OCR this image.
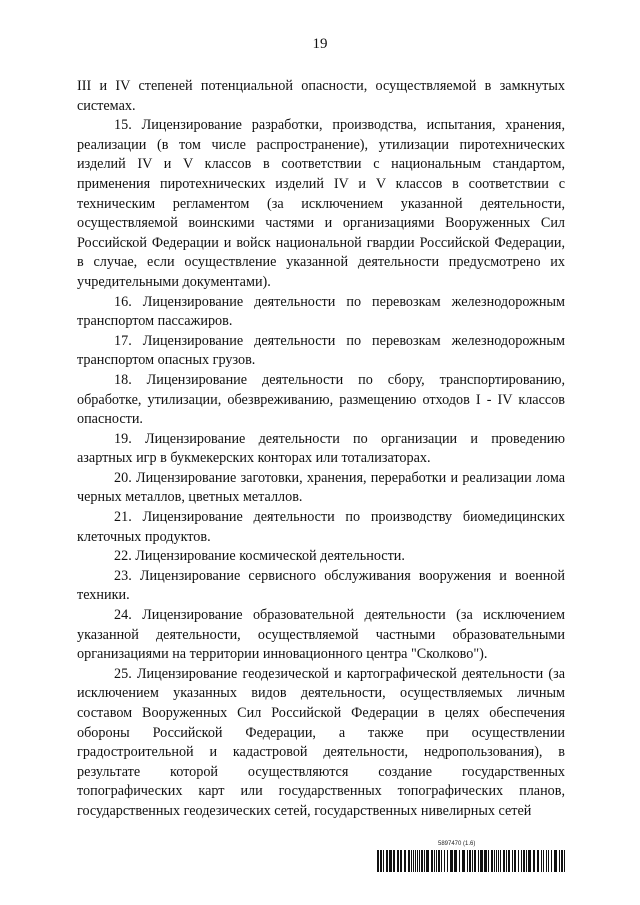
19

III и IV степеней потенциальной опасности, осуществляемой в замкнутых системах.

15. Лицензирование разработки, производства, испытания, хранения, реализации (в том числе распространение), утилизации пиротехнических изделий IV и V классов в соответствии с национальным стандартом, применения пиротехнических изделий IV и V классов в соответствии с техническим регламентом (за исключением указанной деятельности, осуществляемой воинскими частями и организациями Вооруженных Сил Российской Федерации и войск национальной гвардии Российской Федерации, в случае, если осуществление указанной деятельности предусмотрено их учредительными документами).

16. Лицензирование деятельности по перевозкам железнодорожным транспортом пассажиров.

17. Лицензирование деятельности по перевозкам железнодорожным транспортом опасных грузов.

18. Лицензирование деятельности по сбору, транспортированию, обработке, утилизации, обезвреживанию, размещению отходов I - IV классов опасности.

19. Лицензирование деятельности по организации и проведению азартных игр в букмекерских конторах или тотализаторах.

20. Лицензирование заготовки, хранения, переработки и реализации лома черных металлов, цветных металлов.

21. Лицензирование деятельности по производству биомедицинских клеточных продуктов.

22. Лицензирование космической деятельности.

23. Лицензирование сервисного обслуживания вооружения и военной техники.

24. Лицензирование образовательной деятельности (за исключением указанной деятельности, осуществляемой частными образовательными организациями на территории инновационного центра "Сколково").

25. Лицензирование геодезической и картографической деятельности (за исключением указанных видов деятельности, осуществляемых личным составом Вооруженных Сил Российской Федерации в целях обеспечения обороны Российской Федерации, а также при осуществлении градостроительной и кадастровой деятельности, недропользования), в результате которой осуществляются создание государственных топографических карт или государственных топографических планов, государственных геодезических сетей, государственных нивелирных сетей

5897470 (1.6)
